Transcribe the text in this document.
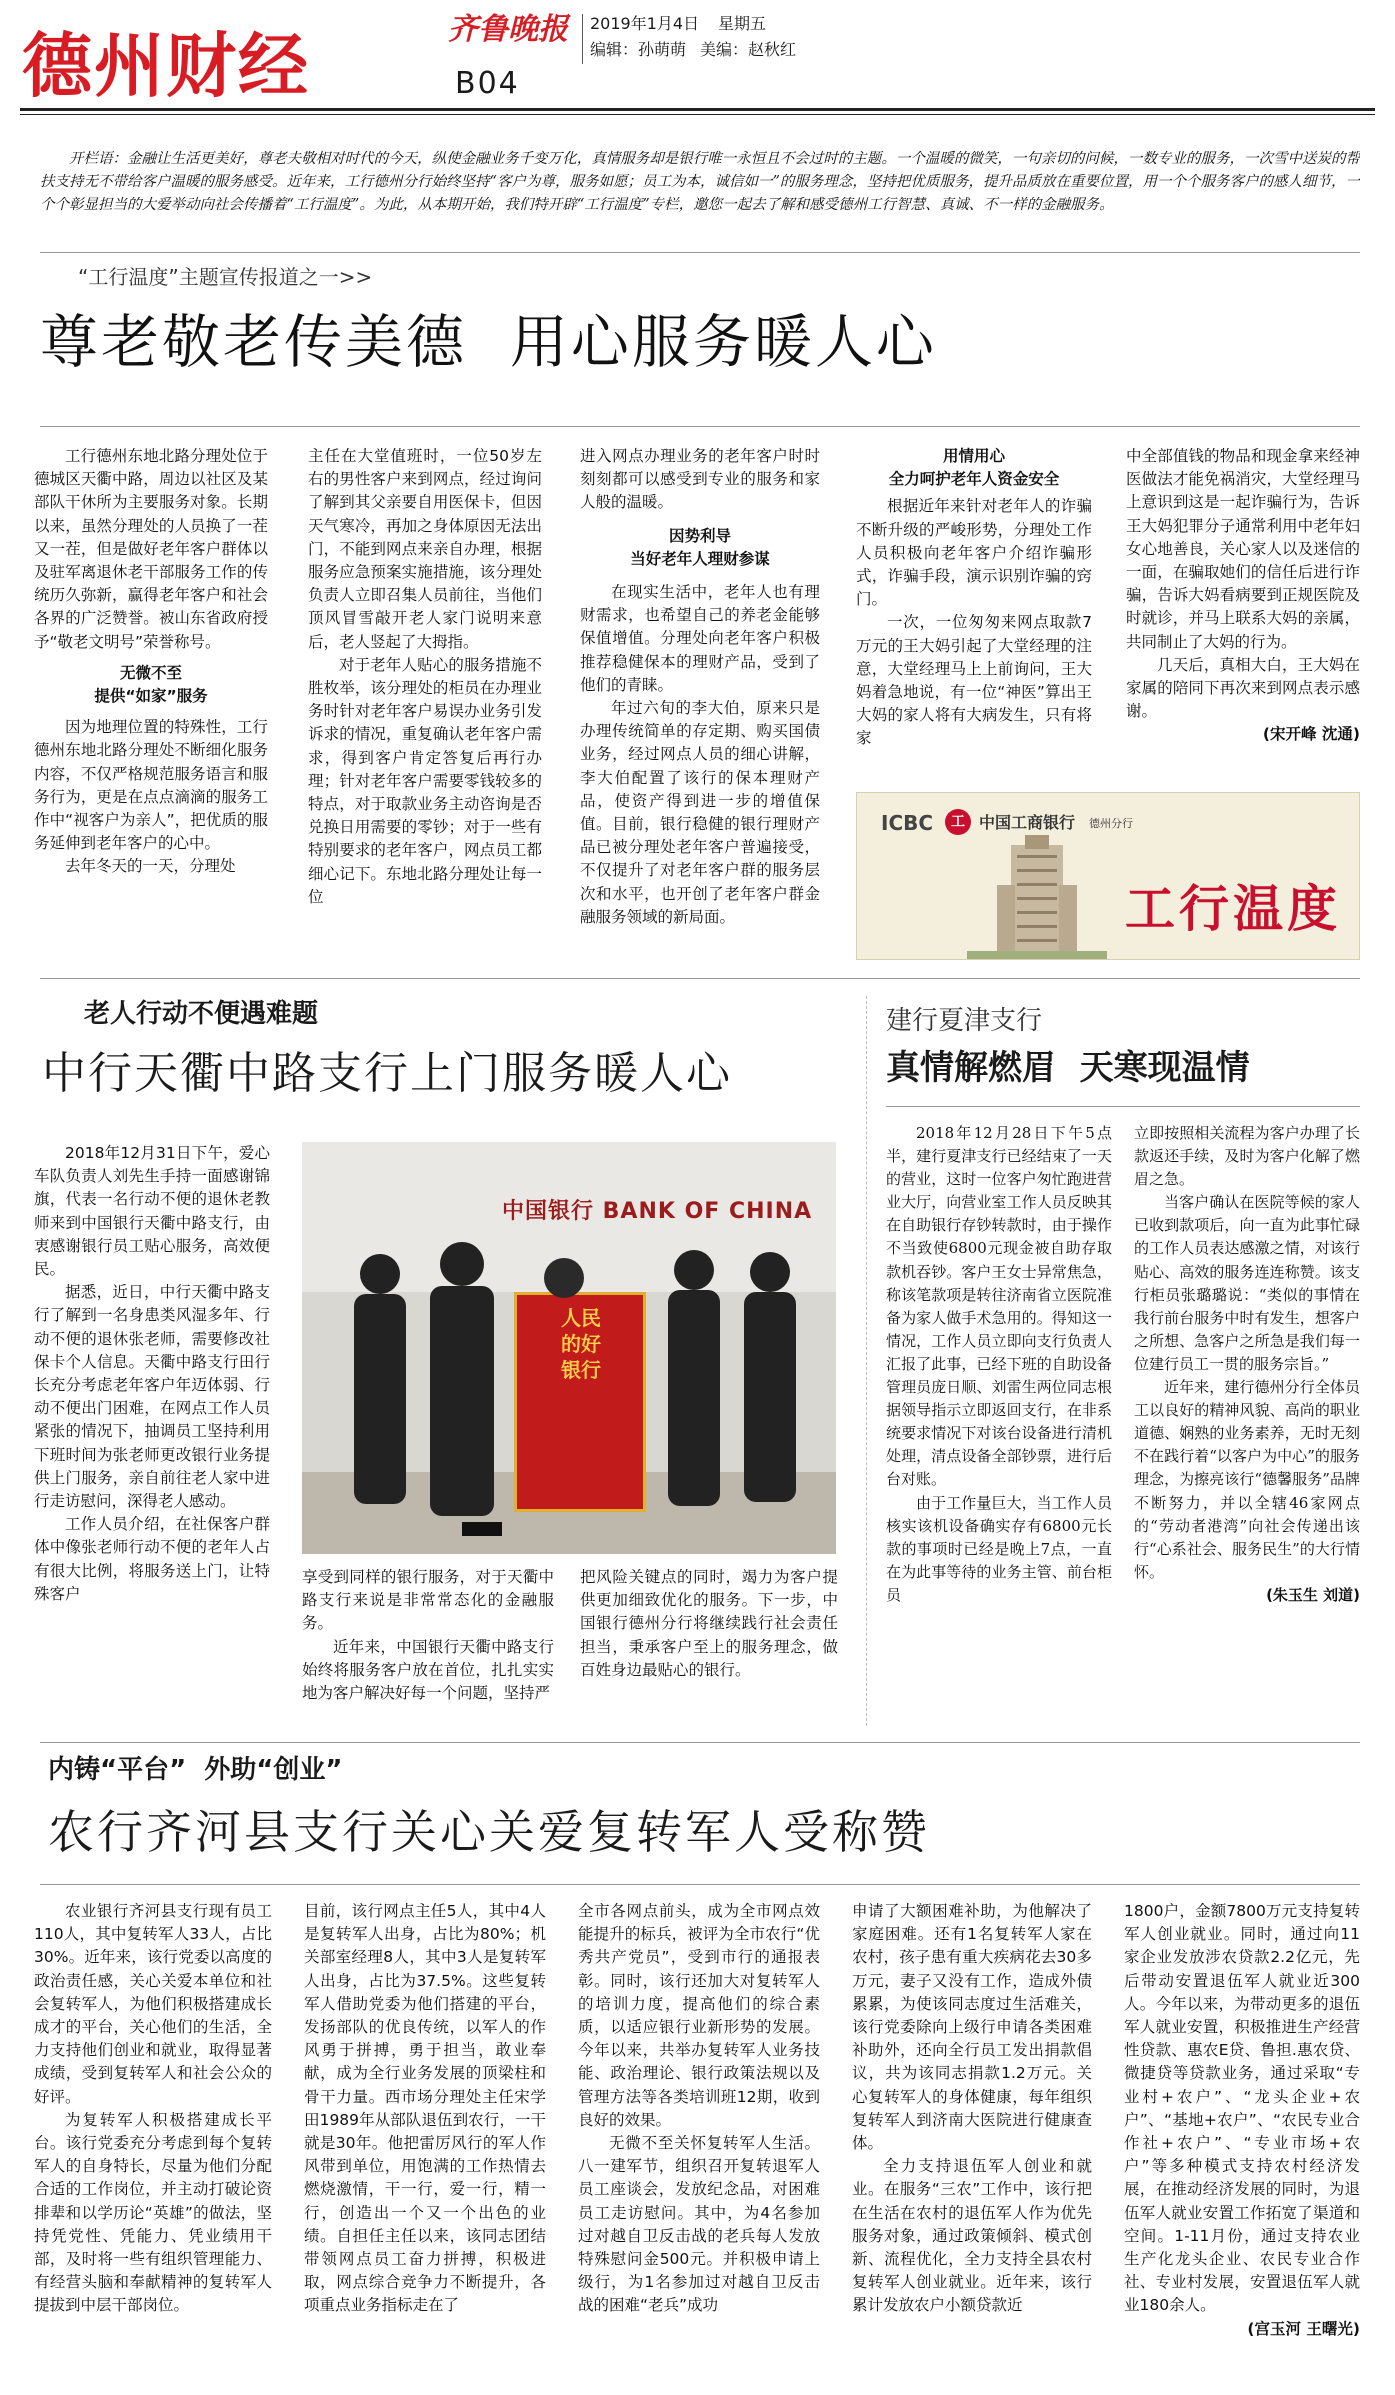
德州财经	齐鲁晚报 2019年1月4日 星期五
编辑：孙萌萌 美编：赵秋红
B04
开栏语：金融让生活更美好，尊老夫敬相对时代的今天，纵使金融业务千变万化，真情服务却是银行唯一永恒且不会过时的主题。一个温暖的微笑，一句亲切的问候，一数专业的服务，一次雪中送炭的帮扶支持无不带给客户温暖的服务感受。近年来，工行德州分行始终坚持“客户为尊，服务如愿；员工为本，诚信如一”的服务理念，坚持把优质服务，提升品质放在重要位置，用一个个服务客户的感人细节，一个个彰显担当的大爱举动向社会传播着“工行温度”。为此，从本期开始，我们特开辟“工行温度”专栏，邀您一起去了解和感受德州工行智慧、真诚、不一样的金融服务。
“工行温度”主题宣传报道之一>>
尊老敬老传美德  用心服务暖人心

工行德州东地北路分理处位于德城区天衢中路，周边以社区及某部队干休所为主要服务对象。长期以来，虽然分理处的人员换了一茬又一茬，但是做好老年客户群体以及驻军离退休老干部服务工作的传统历久弥新，赢得老年客户和社会各界的广泛赞誉。被山东省政府授予“敬老文明号”荣誉称号。

无微不至

提供“如家”服务

因为地理位置的特殊性，工行德州东地北路分理处不断细化服务内容，不仅严格规范服务语言和服务行为，更是在点点滴滴的服务工作中“视客户为亲人”，把优质的服务延伸到老年客户的心中。

去年冬天的一天，分理处

主任在大堂值班时，一位50岁左右的男性客户来到网点，经过询问了解到其父亲要自用医保卡，但因天气寒冷，再加之身体原因无法出门，不能到网点来亲自办理，根据服务应急预案实施措施，该分理处负责人立即召集人员前往，当他们顶风冒雪敲开老人家门说明来意后，老人竖起了大拇指。

对于老年人贴心的服务措施不胜枚举，该分理处的柜员在办理业务时针对老年客户易误办业务引发诉求的情况，重复确认老年客户需求，得到客户肯定答复后再行办理；针对老年客户需要零钱较多的特点，对于取款业务主动咨询是否兑换日用需要的零钞；对于一些有特别要求的老年客户，网点员工都细心记下。东地北路分理处让每一位

进入网点办理业务的老年客户时时刻刻都可以感受到专业的服务和家人般的温暖。

因势利导

当好老年人理财参谋

在现实生活中，老年人也有理财需求，也希望自己的养老金能够保值增值。分理处向老年客户积极推荐稳健保本的理财产品，受到了他们的青睐。

年过六旬的李大伯，原来只是办理传统简单的存定期、购买国债业务，经过网点人员的细心讲解，李大伯配置了该行的保本理财产品，使资产得到进一步的增值保值。目前，银行稳健的银行理财产品已被分理处老年客户普遍接受，不仅提升了对老年客户群的服务层次和水平，也开创了老年客户群金融服务领域的新局面。

用情用心

全力呵护老年人资金安全

根据近年来针对老年人的诈骗不断升级的严峻形势，分理处工作人员积极向老年客户介绍诈骗形式，诈骗手段，演示识别诈骗的窍门。

一次，一位匆匆来网点取款7万元的王大妈引起了大堂经理的注意，大堂经理马上上前询问，王大妈着急地说，有一位“神医”算出王大妈的家人将有大病发生，只有将家

中全部值钱的物品和现金拿来经神医做法才能免祸消灾，大堂经理马上意识到这是一起诈骗行为，告诉王大妈犯罪分子通常利用中老年妇女心地善良，关心家人以及迷信的一面，在骗取她们的信任后进行诈骗，告诉大妈看病要到正规医院及时就诊，并马上联系大妈的亲属，共同制止了大妈的行为。

几天后，真相大白，王大妈在家属的陪同下再次来到网点表示感谢。

(宋开峰 沈通)

ICBC	工 中国工商银行 德州分行
工行温度
老人行动不便遇难题
中行天衢中路支行上门服务暖人心

2018年12月31日下午，爱心车队负责人刘先生手持一面感谢锦旗，代表一名行动不便的退休老教师来到中国银行天衢中路支行，由衷感谢银行员工贴心服务，高效便民。

据悉，近日，中行天衢中路支行了解到一名身患类风湿多年、行动不便的退休张老师，需要修改社保卡个人信息。天衢中路支行田行长充分考虑老年客户年迈体弱、行动不便出门困难，在网点工作人员紧张的情况下，抽调员工坚持利用下班时间为张老师更改银行业务提供上门服务，亲自前往老人家中进行走访慰问，深得老人感动。

工作人员介绍，在社保客户群体中像张老师行动不便的老年人占有很大比例，将服务送上门，让特殊客户

中国银行 BANK OF CHINA
人民的好银行

享受到同样的银行服务，对于天衢中路支行来说是非常常态化的金融服务。

近年来，中国银行天衢中路支行始终将服务客户放在首位，扎扎实实地为客户解决好每一个问题，坚持严

把风险关键点的同时，竭力为客户提供更加细致优化的服务。下一步，中国银行德州分行将继续践行社会责任担当，秉承客户至上的服务理念，做百姓身边最贴心的银行。

建行夏津支行
真情解燃眉  天寒现温情

2018年12月28日下午5点半，建行夏津支行已经结束了一天的营业，这时一位客户匆忙跑进营业大厅，向营业室工作人员反映其在自助银行存钞转款时，由于操作不当致使6800元现金被自助存取款机吞钞。客户王女士异常焦急，称该笔款项是转往济南省立医院准备为家人做手术急用的。得知这一情况，工作人员立即向支行负责人汇报了此事，已经下班的自助设备管理员庞日顺、刘雷生两位同志根据领导指示立即返回支行，在非系统要求情况下对该台设备进行清机处理，清点设备全部钞票，进行后台对账。

由于工作量巨大，当工作人员核实该机设备确实存有6800元长款的事项时已经是晚上7点，一直在为此事等待的业务主管、前台柜员

立即按照相关流程为客户办理了长款返还手续，及时为客户化解了燃眉之急。

当客户确认在医院等候的家人已收到款项后，向一直为此事忙碌的工作人员表达感激之情，对该行贴心、高效的服务连连称赞。该支行柜员张璐璐说：“类似的事情在我行前台服务中时有发生，想客户之所想、急客户之所急是我们每一位建行员工一贯的服务宗旨。”

近年来，建行德州分行全体员工以良好的精神风貌、高尚的职业道德、娴熟的业务素养，无时无刻不在践行着“以客户为中心”的服务理念，为擦亮该行“德馨服务”品牌不断努力，并以全辖46家网点的“劳动者港湾”向社会传递出该行“心系社会、服务民生”的大行情怀。

(朱玉生 刘道)

内铸“平台”  外助“创业”
农行齐河县支行关心关爱复转军人受称赞

农业银行齐河县支行现有员工110人，其中复转军人33人，占比30%。近年来，该行党委以高度的政治责任感，关心关爱本单位和社会复转军人，为他们积极搭建成长成才的平台，关心他们的生活，全力支持他们创业和就业，取得显著成绩，受到复转军人和社会公众的好评。

为复转军人积极搭建成长平台。该行党委充分考虑到每个复转军人的自身特长，尽量为他们分配合适的工作岗位，并主动打破论资排辈和以学历论“英雄”的做法，坚持凭党性、凭能力、凭业绩用干部，及时将一些有组织管理能力、有经营头脑和奉献精神的复转军人提拔到中层干部岗位。

目前，该行网点主任5人，其中4人是复转军人出身，占比为80%；机关部室经理8人，其中3人是复转军人出身，占比为37.5%。这些复转军人借助党委为他们搭建的平台，发扬部队的优良传统，以军人的作风勇于拼搏，勇于担当，敢业奉献，成为全行业务发展的顶梁柱和骨干力量。西市场分理处主任宋学田1989年从部队退伍到农行，一干就是30年。他把雷厉风行的军人作风带到单位，用饱满的工作热情去燃烧激情，干一行，爱一行，精一行，创造出一个又一个出色的业绩。自担任主任以来，该同志团结带领网点员工奋力拼搏，积极进取，网点综合竞争力不断提升，各项重点业务指标走在了

全市各网点前头，成为全市网点效能提升的标兵，被评为全市农行“优秀共产党员”，受到市行的通报表彰。同时，该行还加大对复转军人的培训力度，提高他们的综合素质，以适应银行业新形势的发展。今年以来，共举办复转军人业务技能、政治理论、银行政策法规以及管理方法等各类培训班12期，收到良好的效果。

无微不至关怀复转军人生活。八一建军节，组织召开复转退军人员工座谈会，发放纪念品，对困难员工走访慰问。其中，为4名参加过对越自卫反击战的老兵每人发放特殊慰问金500元。并积极申请上级行，为1名参加过对越自卫反击战的困难“老兵”成功

申请了大额困难补助，为他解决了家庭困难。还有1名复转军人家在农村，孩子患有重大疾病花去30多万元，妻子又没有工作，造成外债累累，为使该同志度过生活难关，该行党委除向上级行申请各类困难补助外，还向全行员工发出捐款倡议，共为该同志捐款1.2万元。关心复转军人的身体健康，每年组织复转军人到济南大医院进行健康查体。

全力支持退伍军人创业和就业。在服务“三农”工作中，该行把在生活在农村的退伍军人作为优先服务对象，通过政策倾斜、模式创新、流程优化，全力支持全县农村复转军人创业就业。近年来，该行累计发放农户小额贷款近

1800户，金额7800万元支持复转军人创业就业。同时，通过向11家企业发放涉农贷款2.2亿元，先后带动安置退伍军人就业近300人。今年以来，为带动更多的退伍军人就业安置，积极推进生产经营性贷款、惠农E贷、鲁担.惠农贷、微捷贷等贷款业务，通过采取“专业村+农户”、“龙头企业+农户”、“基地+农户”、“农民专业合作社+农户”、“专业市场+农户”等多种模式支持农村经济发展，在推动经济发展的同时，为退伍军人就业安置工作拓宽了渠道和空间。1-11月份，通过支持农业生产化龙头企业、农民专业合作社、专业村发展，安置退伍军人就业180余人。

(宫玉河 王曙光)
